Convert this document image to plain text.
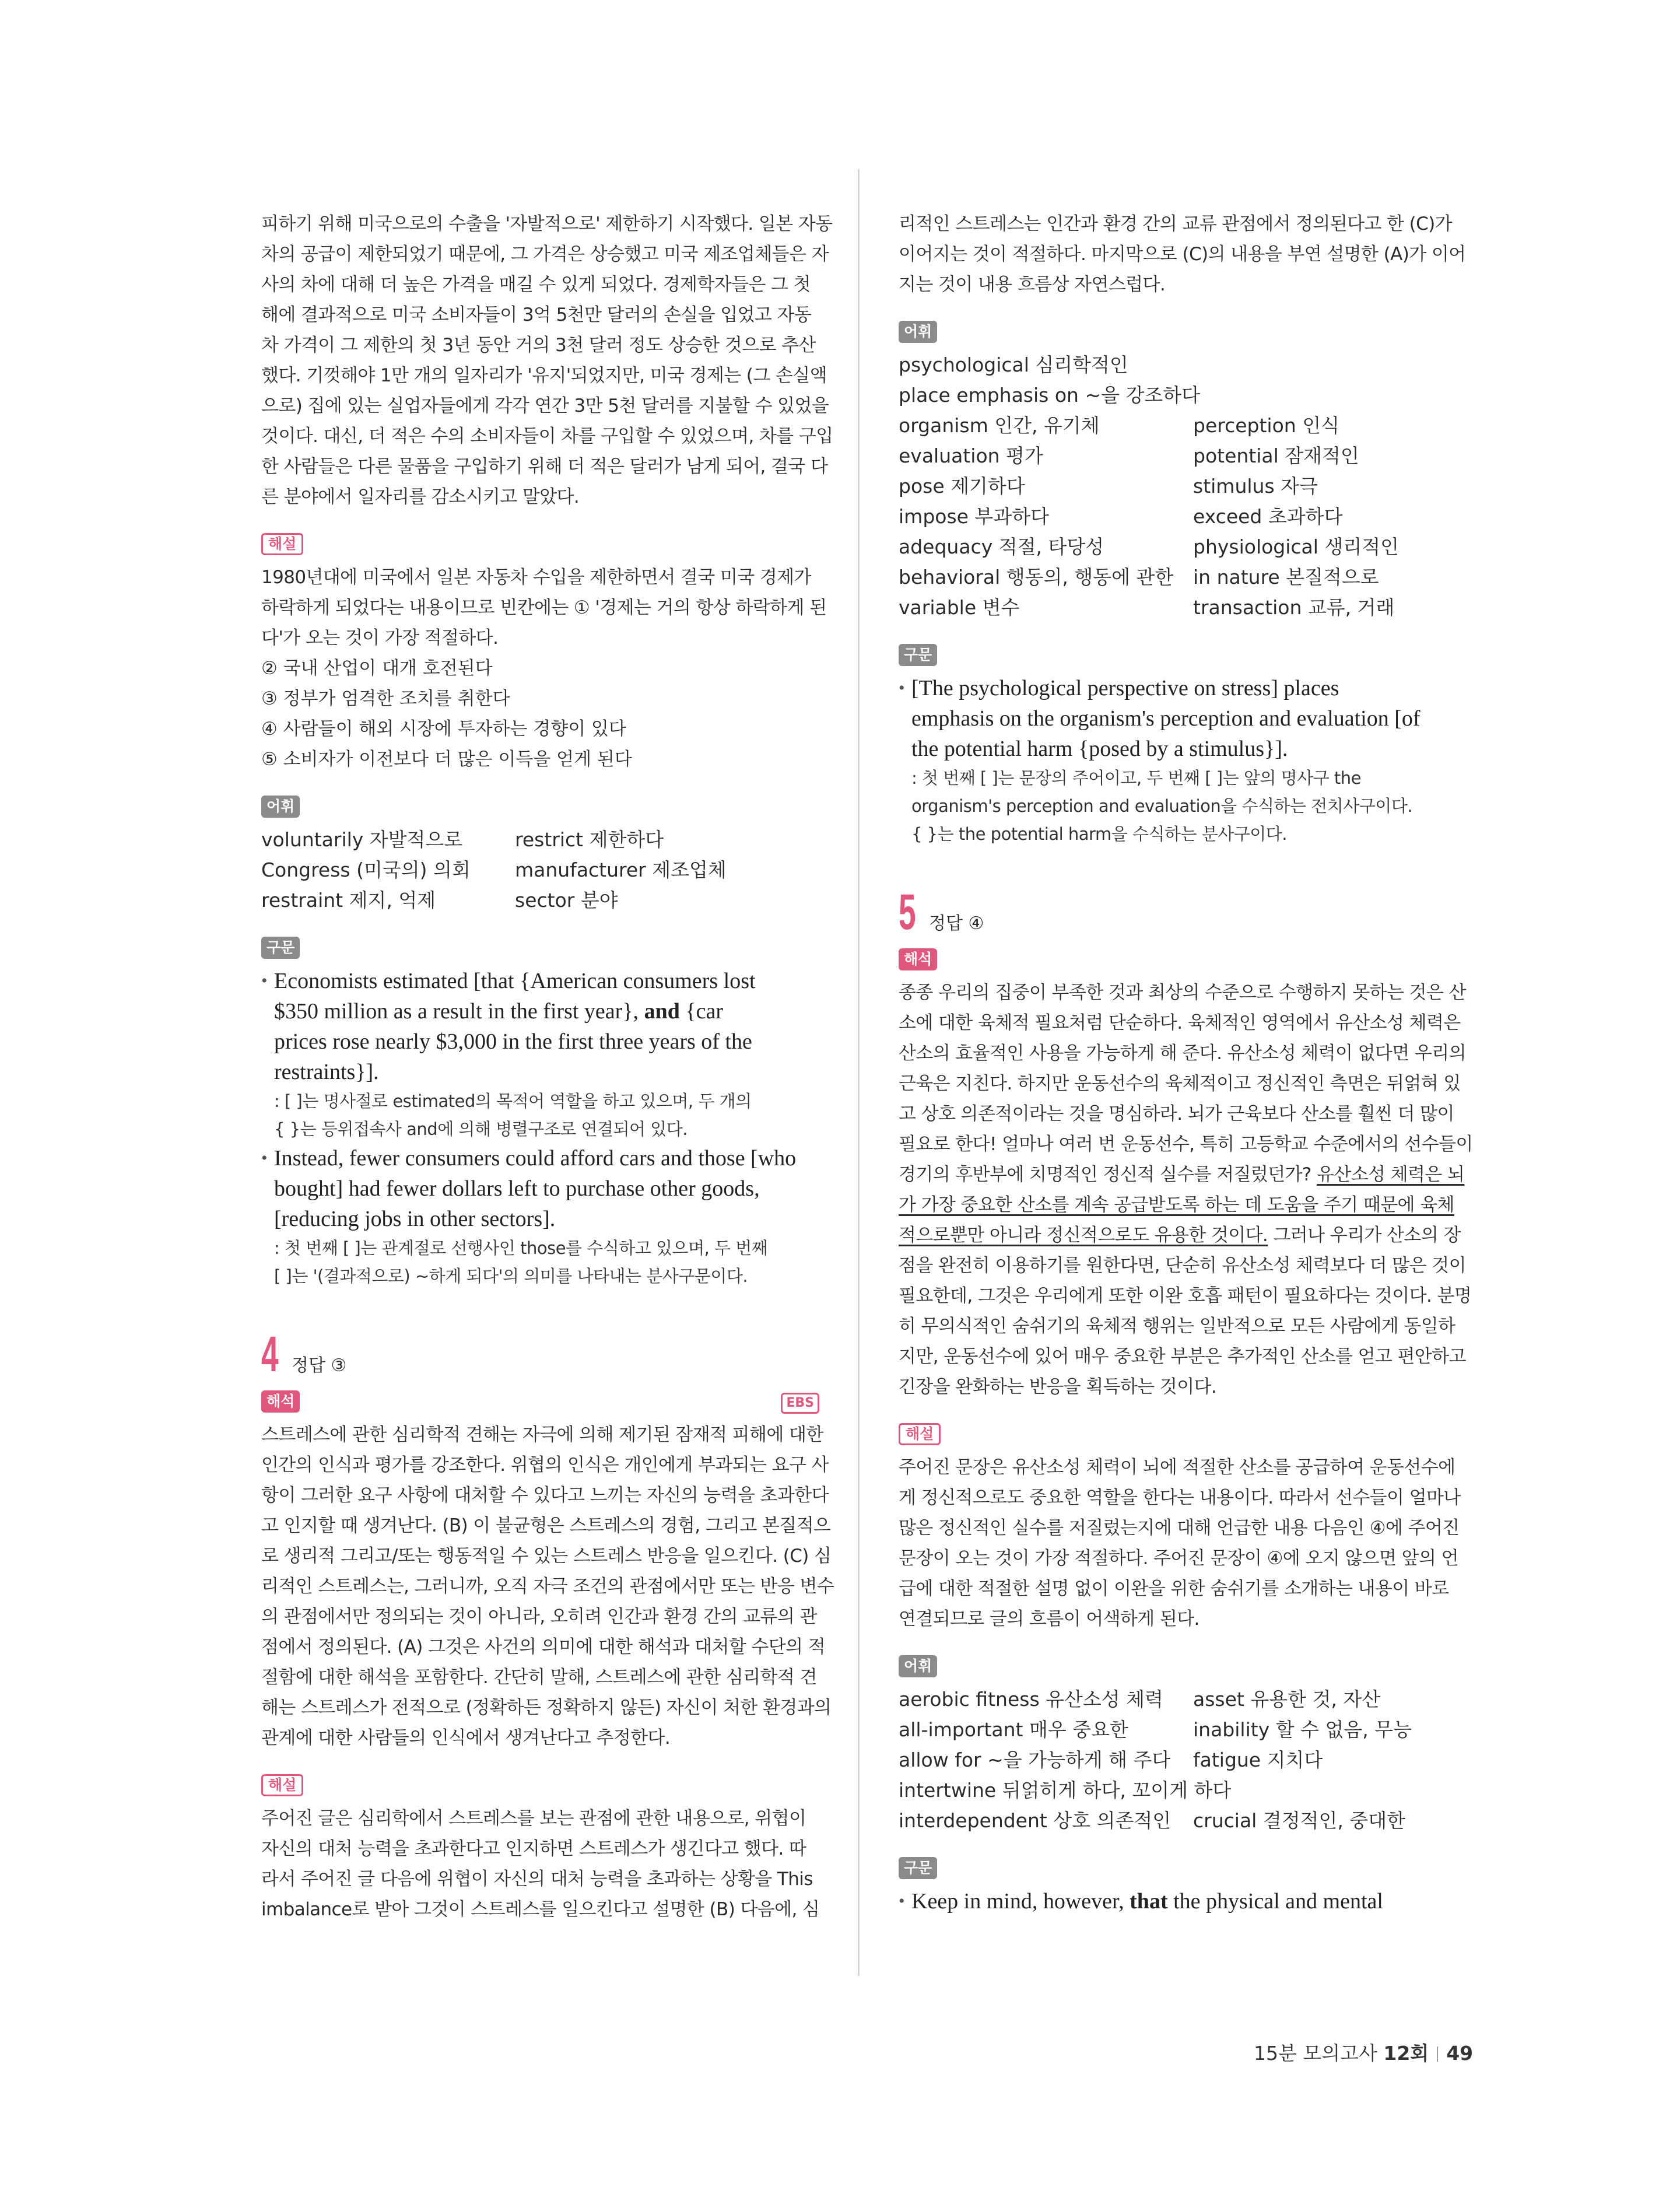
피하기 위해 미국으로의 수출을 '자발적으로' 제한하기 시작했다. 일본 자동
차의 공급이 제한되었기 때문에, 그 가격은 상승했고 미국 제조업체들은 자
사의 차에 대해 더 높은 가격을 매길 수 있게 되었다. 경제학자들은 그 첫
해에 결과적으로 미국 소비자들이 3억 5천만 달러의 손실을 입었고 자동
차 가격이 그 제한의 첫 3년 동안 거의 3천 달러 정도 상승한 것으로 추산
했다. 기껏해야 1만 개의 일자리가 '유지'되었지만, 미국 경제는 (그 손실액
으로) 집에 있는 실업자들에게 각각 연간 3만 5천 달러를 지불할 수 있었을
것이다. 대신, 더 적은 수의 소비자들이 차를 구입할 수 있었으며, 차를 구입
한 사람들은 다른 물품을 구입하기 위해 더 적은 달러가 남게 되어, 결국 다
른 분야에서 일자리를 감소시키고 말았다.
해설
1980년대에 미국에서 일본 자동차 수입을 제한하면서 결국 미국 경제가
하락하게 되었다는 내용이므로 빈칸에는 ① '경제는 거의 항상 하락하게 된
다'가 오는 것이 가장 적절하다.
② 국내 산업이 대개 호전된다
③ 정부가 엄격한 조치를 취한다
④ 사람들이 해외 시장에 투자하는 경향이 있다
⑤ 소비자가 이전보다 더 많은 이득을 얻게 된다
어휘
voluntarily 자발적으로	restrict 제한하다
Congress (미국의) 의회	manufacturer 제조업체
restraint 제지, 억제	sector 분야
구문
• Economists estimated [that {American consumers lost
$350 million as a result in the first year}, and {car
prices rose nearly $3,000 in the first three years of the
restraints}].
: [ ]는 명사절로 estimated의 목적어 역할을 하고 있으며, 두 개의
{ }는 등위접속사 and에 의해 병렬구조로 연결되어 있다.
• Instead, fewer consumers could afford cars and those [who
bought] had fewer dollars left to purchase other goods,
[reducing jobs in other sectors].
: 첫 번째 [ ]는 관계절로 선행사인 those를 수식하고 있으며, 두 번째
[ ]는 '(결과적으로) ~하게 되다'의 의미를 나타내는 분사구문이다.
4 정답 ③
해석	EBS
스트레스에 관한 심리학적 견해는 자극에 의해 제기된 잠재적 피해에 대한
인간의 인식과 평가를 강조한다. 위협의 인식은 개인에게 부과되는 요구 사
항이 그러한 요구 사항에 대처할 수 있다고 느끼는 자신의 능력을 초과한다
고 인지할 때 생겨난다. (B) 이 불균형은 스트레스의 경험, 그리고 본질적으
로 생리적 그리고/또는 행동적일 수 있는 스트레스 반응을 일으킨다. (C) 심
리적인 스트레스는, 그러니까, 오직 자극 조건의 관점에서만 또는 반응 변수
의 관점에서만 정의되는 것이 아니라, 오히려 인간과 환경 간의 교류의 관
점에서 정의된다. (A) 그것은 사건의 의미에 대한 해석과 대처할 수단의 적
절함에 대한 해석을 포함한다. 간단히 말해, 스트레스에 관한 심리학적 견
해는 스트레스가 전적으로 (정확하든 정확하지 않든) 자신이 처한 환경과의
관계에 대한 사람들의 인식에서 생겨난다고 추정한다.
해설
주어진 글은 심리학에서 스트레스를 보는 관점에 관한 내용으로, 위협이
자신의 대처 능력을 초과한다고 인지하면 스트레스가 생긴다고 했다. 따
라서 주어진 글 다음에 위협이 자신의 대처 능력을 초과하는 상황을 This
imbalance로 받아 그것이 스트레스를 일으킨다고 설명한 (B) 다음에, 심
리적인 스트레스는 인간과 환경 간의 교류 관점에서 정의된다고 한 (C)가
이어지는 것이 적절하다. 마지막으로 (C)의 내용을 부연 설명한 (A)가 이어
지는 것이 내용 흐름상 자연스럽다.
어휘
psychological 심리학적인
place emphasis on ~을 강조하다
organism 인간, 유기체	perception 인식
evaluation 평가	potential 잠재적인
pose 제기하다	stimulus 자극
impose 부과하다	exceed 초과하다
adequacy 적절, 타당성	physiological 생리적인
behavioral 행동의, 행동에 관한	in nature 본질적으로
variable 변수	transaction 교류, 거래
구문
• [The psychological perspective on stress] places
emphasis on the organism's perception and evaluation [of
the potential harm {posed by a stimulus}].
: 첫 번째 [ ]는 문장의 주어이고, 두 번째 [ ]는 앞의 명사구 the
organism's perception and evaluation을 수식하는 전치사구이다.
{ }는 the potential harm을 수식하는 분사구이다.
5 정답 ④
해석
종종 우리의 집중이 부족한 것과 최상의 수준으로 수행하지 못하는 것은 산
소에 대한 육체적 필요처럼 단순하다. 육체적인 영역에서 유산소성 체력은
산소의 효율적인 사용을 가능하게 해 준다. 유산소성 체력이 없다면 우리의
근육은 지친다. 하지만 운동선수의 육체적이고 정신적인 측면은 뒤얽혀 있
고 상호 의존적이라는 것을 명심하라. 뇌가 근육보다 산소를 훨씬 더 많이
필요로 한다! 얼마나 여러 번 운동선수, 특히 고등학교 수준에서의 선수들이
경기의 후반부에 치명적인 정신적 실수를 저질렀던가? 유산소성 체력은 뇌
가 가장 중요한 산소를 계속 공급받도록 하는 데 도움을 주기 때문에 육체
적으로뿐만 아니라 정신적으로도 유용한 것이다. 그러나 우리가 산소의 장
점을 완전히 이용하기를 원한다면, 단순히 유산소성 체력보다 더 많은 것이
필요한데, 그것은 우리에게 또한 이완 호흡 패턴이 필요하다는 것이다. 분명
히 무의식적인 숨쉬기의 육체적 행위는 일반적으로 모든 사람에게 동일하
지만, 운동선수에 있어 매우 중요한 부분은 추가적인 산소를 얻고 편안하고
긴장을 완화하는 반응을 획득하는 것이다.
해설
주어진 문장은 유산소성 체력이 뇌에 적절한 산소를 공급하여 운동선수에
게 정신적으로도 중요한 역할을 한다는 내용이다. 따라서 선수들이 얼마나
많은 정신적인 실수를 저질렀는지에 대해 언급한 내용 다음인 ④에 주어진
문장이 오는 것이 가장 적절하다. 주어진 문장이 ④에 오지 않으면 앞의 언
급에 대한 적절한 설명 없이 이완을 위한 숨쉬기를 소개하는 내용이 바로
연결되므로 글의 흐름이 어색하게 된다.
어휘
aerobic fitness 유산소성 체력	asset 유용한 것, 자산
all-important 매우 중요한	inability 할 수 없음, 무능
allow for ~을 가능하게 해 주다	fatigue 지치다
intertwine 뒤얽히게 하다, 꼬이게 하다
interdependent 상호 의존적인	crucial 결정적인, 중대한
구문
• Keep in mind, however, that the physical and mental
15분 모의고사 12회 49
